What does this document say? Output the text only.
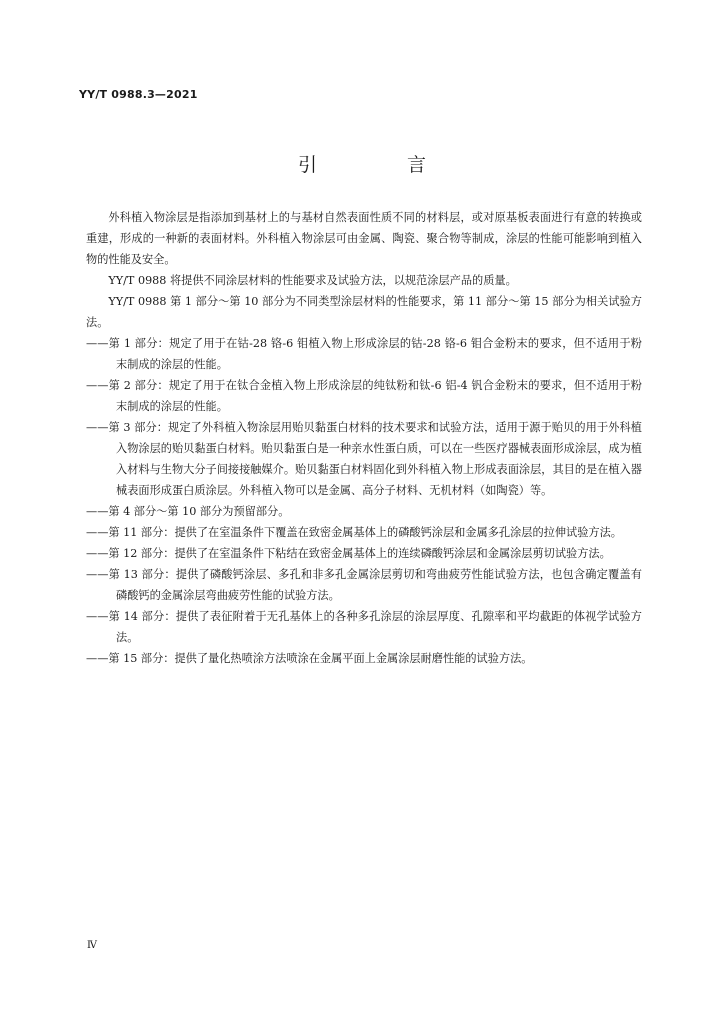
YY/T 0988.3—2021
引 言
外科植入物涂层是指添加到基材上的与基材自然表面性质不同的材料层，或对原基板表面进行有意的转换或重建，形成的一种新的表面材料。外科植入物涂层可由金属、陶瓷、聚合物等制成，涂层的性能可能影响到植入物的性能及安全。
YY/T 0988 将提供不同涂层材料的性能要求及试验方法，以规范涂层产品的质量。
YY/T 0988 第 1 部分～第 10 部分为不同类型涂层材料的性能要求，第 11 部分～第 15 部分为相关试验方法。
——第 1 部分：规定了用于在钴-28 铬-6 钼植入物上形成涂层的钴-28 铬-6 钼合金粉末的要求，但不适用于粉末制成的涂层的性能。
——第 2 部分：规定了用于在钛合金植入物上形成涂层的纯钛粉和钛-6 铝-4 钒合金粉末的要求，但不适用于粉末制成的涂层的性能。
——第 3 部分：规定了外科植入物涂层用贻贝黏蛋白材料的技术要求和试验方法，适用于源于贻贝的用于外科植入物涂层的贻贝黏蛋白材料。贻贝黏蛋白是一种亲水性蛋白质，可以在一些医疗器械表面形成涂层，成为植入材料与生物大分子间接接触媒介。贻贝黏蛋白材料固化到外科植入物上形成表面涂层，其目的是在植入器械表面形成蛋白质涂层。外科植入物可以是金属、高分子材料、无机材料（如陶瓷）等。
——第 4 部分～第 10 部分为预留部分。
——第 11 部分：提供了在室温条件下覆盖在致密金属基体上的磷酸钙涂层和金属多孔涂层的拉伸试验方法。
——第 12 部分：提供了在室温条件下粘结在致密金属基体上的连续磷酸钙涂层和金属涂层剪切试验方法。
——第 13 部分：提供了磷酸钙涂层、多孔和非多孔金属涂层剪切和弯曲疲劳性能试验方法，也包含确定覆盖有磷酸钙的金属涂层弯曲疲劳性能的试验方法。
——第 14 部分：提供了表征附着于无孔基体上的各种多孔涂层的涂层厚度、孔隙率和平均截距的体视学试验方法。
——第 15 部分：提供了量化热喷涂方法喷涂在金属平面上金属涂层耐磨性能的试验方法。
Ⅳ
